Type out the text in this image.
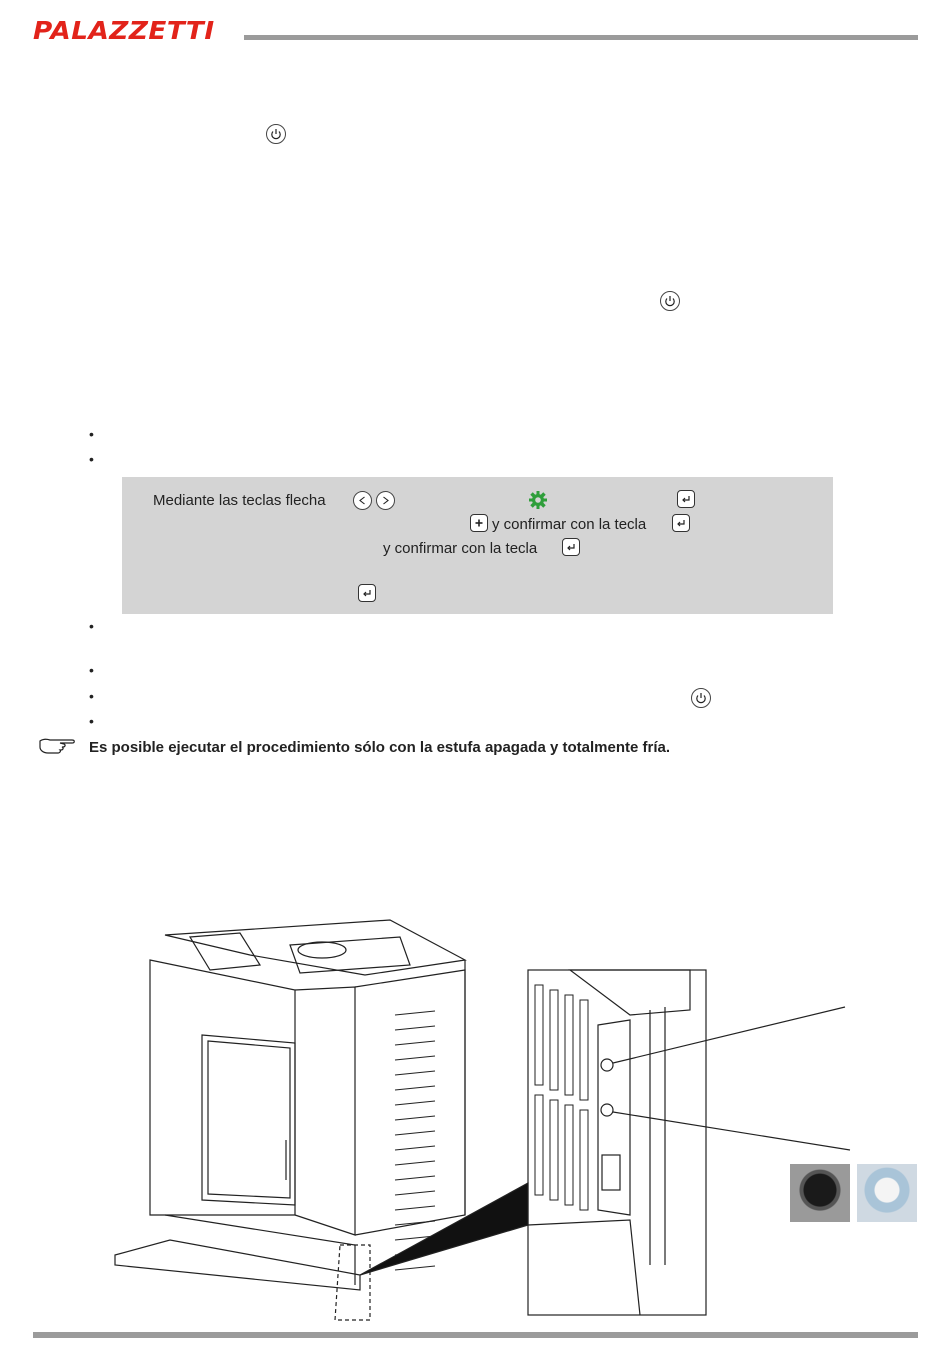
PALAZZETTI
•
•
Mediante las teclas flecha
y confirmar con la tecla
y confirmar con la tecla
•
•
•
•
Es posible ejecutar el procedimiento sólo con la estufa apagada y totalmente fría.
